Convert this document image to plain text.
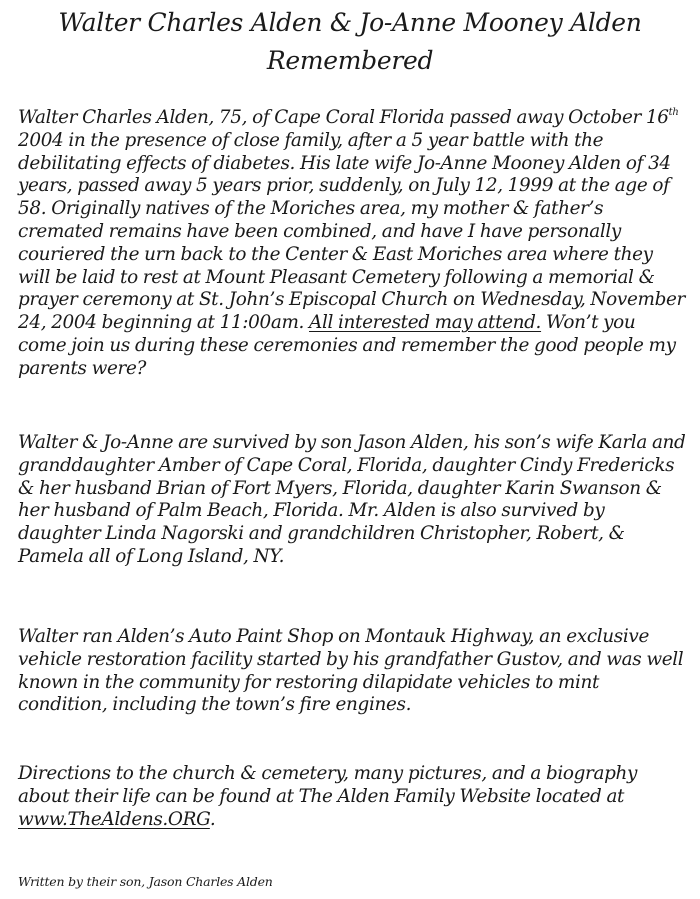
Walter Charles Alden & Jo-Anne Mooney Alden
Remembered

Walter Charles Alden, 75, of Cape Coral Florida passed away October 16th 2004 in the presence of close family, after a 5 year battle with the debilitating effects of diabetes. His late wife Jo-Anne Mooney Alden of 34 years, passed away 5 years prior, suddenly, on July 12, 1999 at the age of 58. Originally natives of the Moriches area, my mother & father’s cremated remains have been combined, and have I have personally couriered the urn back to the Center & East Moriches area where they will be laid to rest at Mount Pleasant Cemetery following a memorial & prayer ceremony at St. John’s Episcopal Church on Wednesday, November 24, 2004 beginning at 11:00am. All interested may attend. Won’t you come join us during these ceremonies and remember the good people my parents were?

Walter & Jo-Anne are survived by son Jason Alden, his son’s wife Karla and granddaughter Amber of Cape Coral, Florida, daughter Cindy Fredericks & her husband Brian of Fort Myers, Florida, daughter Karin Swanson & her husband of Palm Beach, Florida. Mr. Alden is also survived by daughter Linda Nagorski and grandchildren Christopher, Robert, & Pamela all of Long Island, NY.

Walter ran Alden’s Auto Paint Shop on Montauk Highway, an exclusive vehicle restoration facility started by his grandfather Gustov, and was well known in the community for restoring dilapidate vehicles to mint condition, including the town’s fire engines.

Directions to the church & cemetery, many pictures, and a biography about their life can be found at The Alden Family Website located at www.TheAldens.ORG.

Written by their son, Jason Charles Alden
